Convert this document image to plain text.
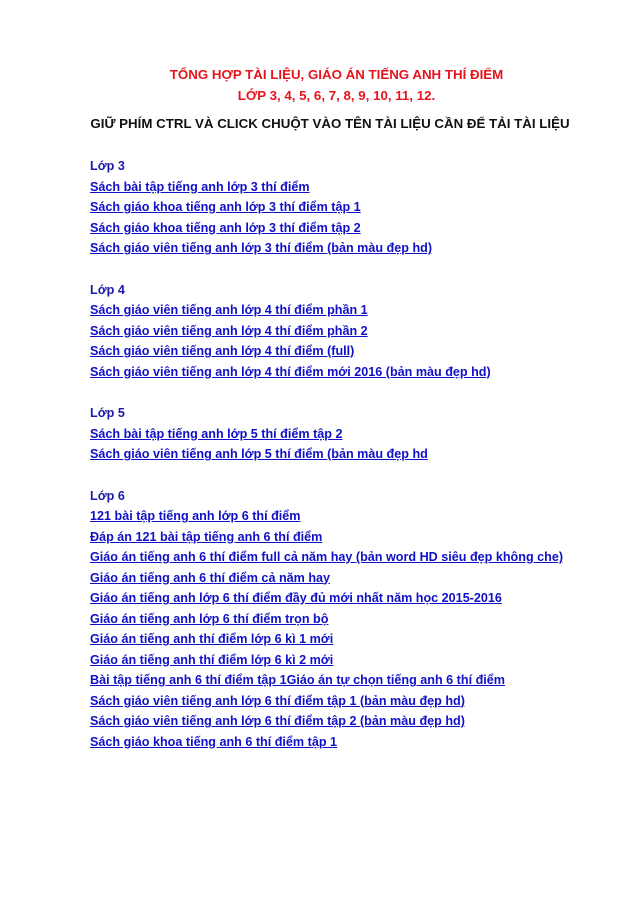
TỔNG HỢP TÀI LIỆU, GIÁO ÁN TIẾNG ANH THÍ ĐIỂM
LỚP 3, 4, 5, 6, 7, 8, 9, 10, 11, 12.
GIỮ PHÍM CTRL VÀ CLICK CHUỘT VÀO TÊN TÀI LIỆU CẦN ĐỂ TẢI TÀI LIỆU
Lớp 3
Sách bài tập tiếng anh lớp 3 thí điểm
Sách giáo khoa tiếng anh lớp 3 thí điểm tập 1
Sách giáo khoa tiếng anh lớp 3 thí điểm tập 2
Sách giáo viên tiếng anh lớp 3 thí điểm (bản màu đẹp hd)
Lớp 4
Sách giáo viên tiếng anh lớp 4 thí điểm phần 1
Sách giáo viên tiếng anh lớp 4 thí điểm phần 2
Sách giáo viên tiếng anh lớp 4 thí điểm (full)
Sách giáo viên tiếng anh lớp 4 thí điểm mới 2016 (bản màu đẹp hd)
Lớp 5
Sách bài tập tiếng anh lớp 5 thí điểm tập 2
Sách giáo viên tiếng anh lớp 5 thí điểm (bản màu đẹp hd
Lớp 6
121 bài tập tiếng anh lớp 6 thí điểm
Đáp án 121 bài tập tiếng anh 6 thí điểm
Giáo án tiếng anh 6 thí điểm full cả năm hay (bản word HD siêu đẹp không che)
Giáo án tiếng anh 6 thí điểm cả năm hay
Giáo án tiếng anh lớp 6 thí điểm đầy đủ mới nhất năm học 2015-2016
Giáo án tiếng anh lớp 6 thí điểm trọn bộ
Giáo án tiếng anh thí điểm lớp 6 kì 1 mới
Giáo án tiếng anh thí điểm lớp 6 kì 2 mới
Bài tập tiếng anh 6 thí điểm tập 1Giáo án tự chọn tiếng anh 6 thí điểm
Sách giáo viên tiếng anh lớp 6 thí điểm tập 1 (bản màu đẹp hd)
Sách giáo viên tiếng anh lớp 6 thí điểm tập 2 (bản màu đẹp hd)
Sách giáo khoa tiếng anh 6 thí điểm tập 1
